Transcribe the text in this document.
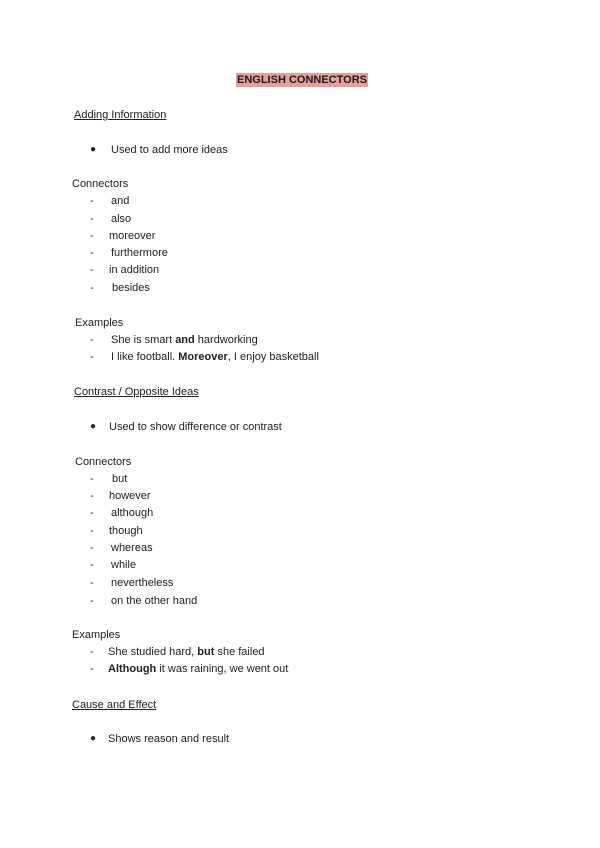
ENGLISH CONNECTORS
Adding Information
● Used to add more ideas
Connectors
- and
- also
- moreover
- furthermore
- in addition
- besides
Examples
- She is smart and hardworking
- I like football. Moreover, I enjoy basketball
Contrast / Opposite Ideas
● Used to show difference or contrast
Connectors
- but
- however
- although
- though
- whereas
- while
- nevertheless
- on the other hand
Examples
- She studied hard, but she failed
- Although it was raining, we went out
Cause and Effect
● Shows reason and result
